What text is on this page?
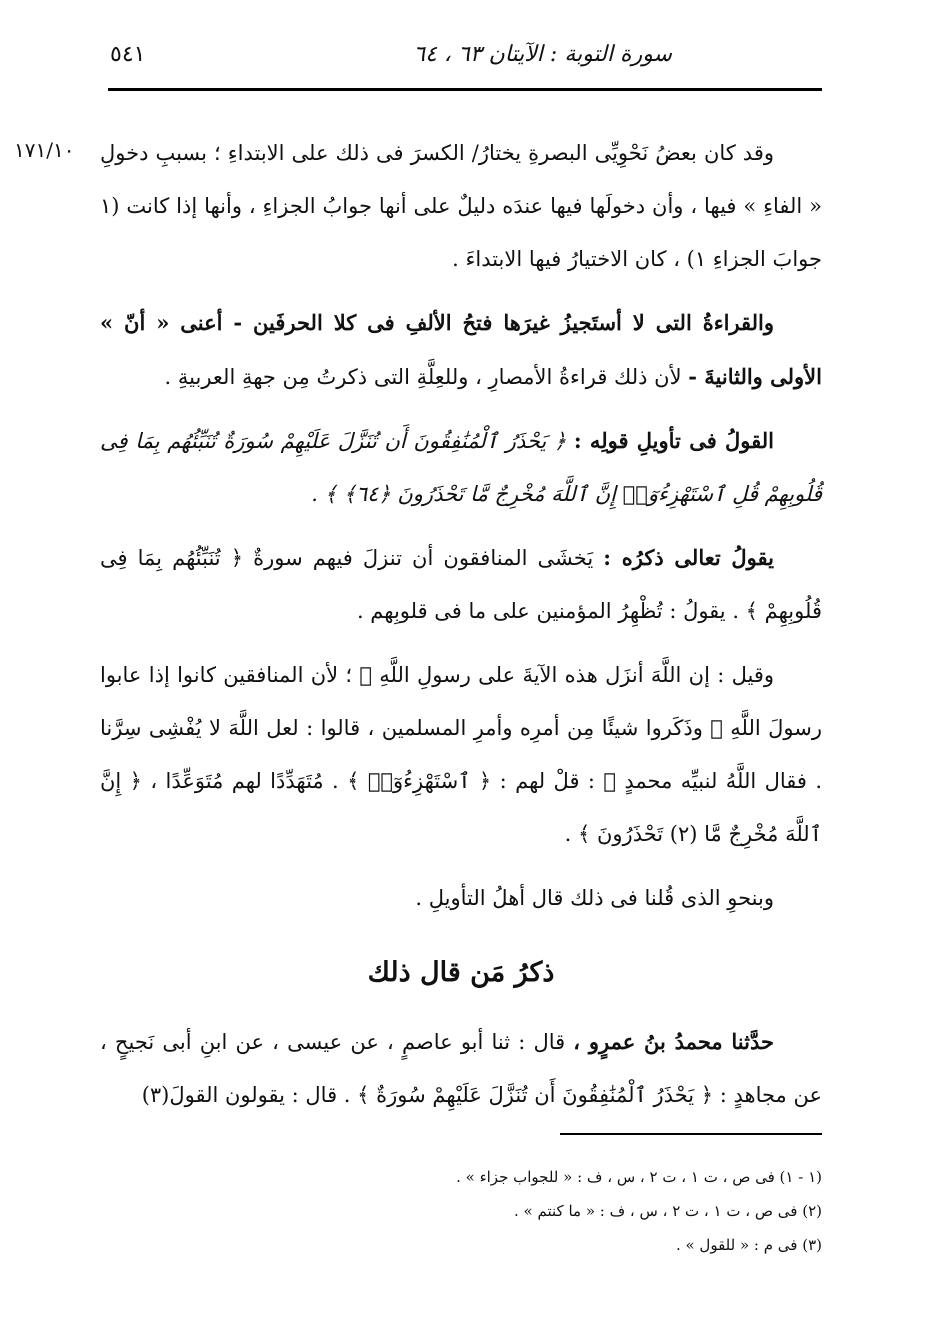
سورة التوبة : الآيتان ٦٣ ، ٦٤
٥٤١
١٧١/١٠ وقد كان بعضُ نَحْوِيِّى البصرةِ يختارُ/ الكسرَ فى ذلك على الابتداءِ ؛ بسببِ دخولِ « الفاءِ » فيها ، وأن دخولَها فيها عندَه دليلٌ على أنها جوابُ الجزاءِ ، وأنها إذا كانت (١ جوابَ الجزاءِ ١) ، كان الاختيارُ فيها الابتداءَ .

والقراءةُ التى لا أستَجيزُ غيرَها فتحُ الألفِ فى كلا الحرفَين - أعنى « أنّ » الأولى والثانيةَ - لأن ذلك قراءةُ الأمصارِ ، وللعِلَّةِ التى ذكرتُ مِن جهةِ العربيةِ .

القولُ فى تأويلِ قولِه : ﴿ يَحْذَرُ ٱلْمُنَٰفِقُونَ أَن تُنَزَّلَ عَلَيْهِمْ سُورَةٌ تُنَبِّئُهُم بِمَا فِى قُلُوبِهِمْ قُلِ ٱسْتَهْزِءُوٓا۟ إِنَّ ٱللَّهَ مُخْرِجٌ مَّا تَحْذَرُونَ ﴿٦٤﴾ ﴾ .

يقولُ تعالى ذكرُه : يَخشَى المنافقون أن تنزلَ فيهم سورةٌ ﴿ تُنَبِّئُهُم بِمَا فِى قُلُوبِهِمْ ﴾ . يقولُ : تُظْهِرُ المؤمنين على ما فى قلوبِهم .

وقيل : إن اللَّهَ أنزَل هذه الآيةَ على رسولِ اللَّهِ ﷺ ؛ لأن المنافقين كانوا إذا عابوا رسولَ اللَّهِ ﷺ وذَكَروا شيئًا مِن أمرِه وأمرِ المسلمين ، قالوا : لعل اللَّهَ لا يُفْشِى سِرَّنا . فقال اللَّهُ لنبيِّه محمدٍ ﷺ : قلْ لهم : ﴿ ٱسْتَهْزِءُوٓا۟ ﴾ . مُتَهَدِّدًا لهم مُتَوَعِّدًا ، ﴿ إِنَّ ٱللَّهَ مُخْرِجٌ مَّا (٢) تَحْذَرُونَ ﴾ .

وبنحوِ الذى قُلنا فى ذلك قال أهلُ التأويلِ .

ذكرُ مَن قال ذلك

حدَّثنا محمدُ بنُ عمرٍو ، قال : ثنا أبو عاصمٍ ، عن عيسى ، عن ابنِ أبى نَجيحٍ ، عن مجاهدٍ : ﴿ يَحْذَرُ ٱلْمُنَٰفِقُونَ أَن تُنَزَّلَ عَلَيْهِمْ سُورَةٌ ﴾ . قال : يقولون القولَ(٣)

(١ - ١) فى ص ، ت ١ ، ت ٢ ، س ، ف : « للجواب جزاء » .
(٢) فى ص ، ت ١ ، ت ٢ ، س ، ف : « ما كنتم » .
(٣) فى م : « للقول » .
